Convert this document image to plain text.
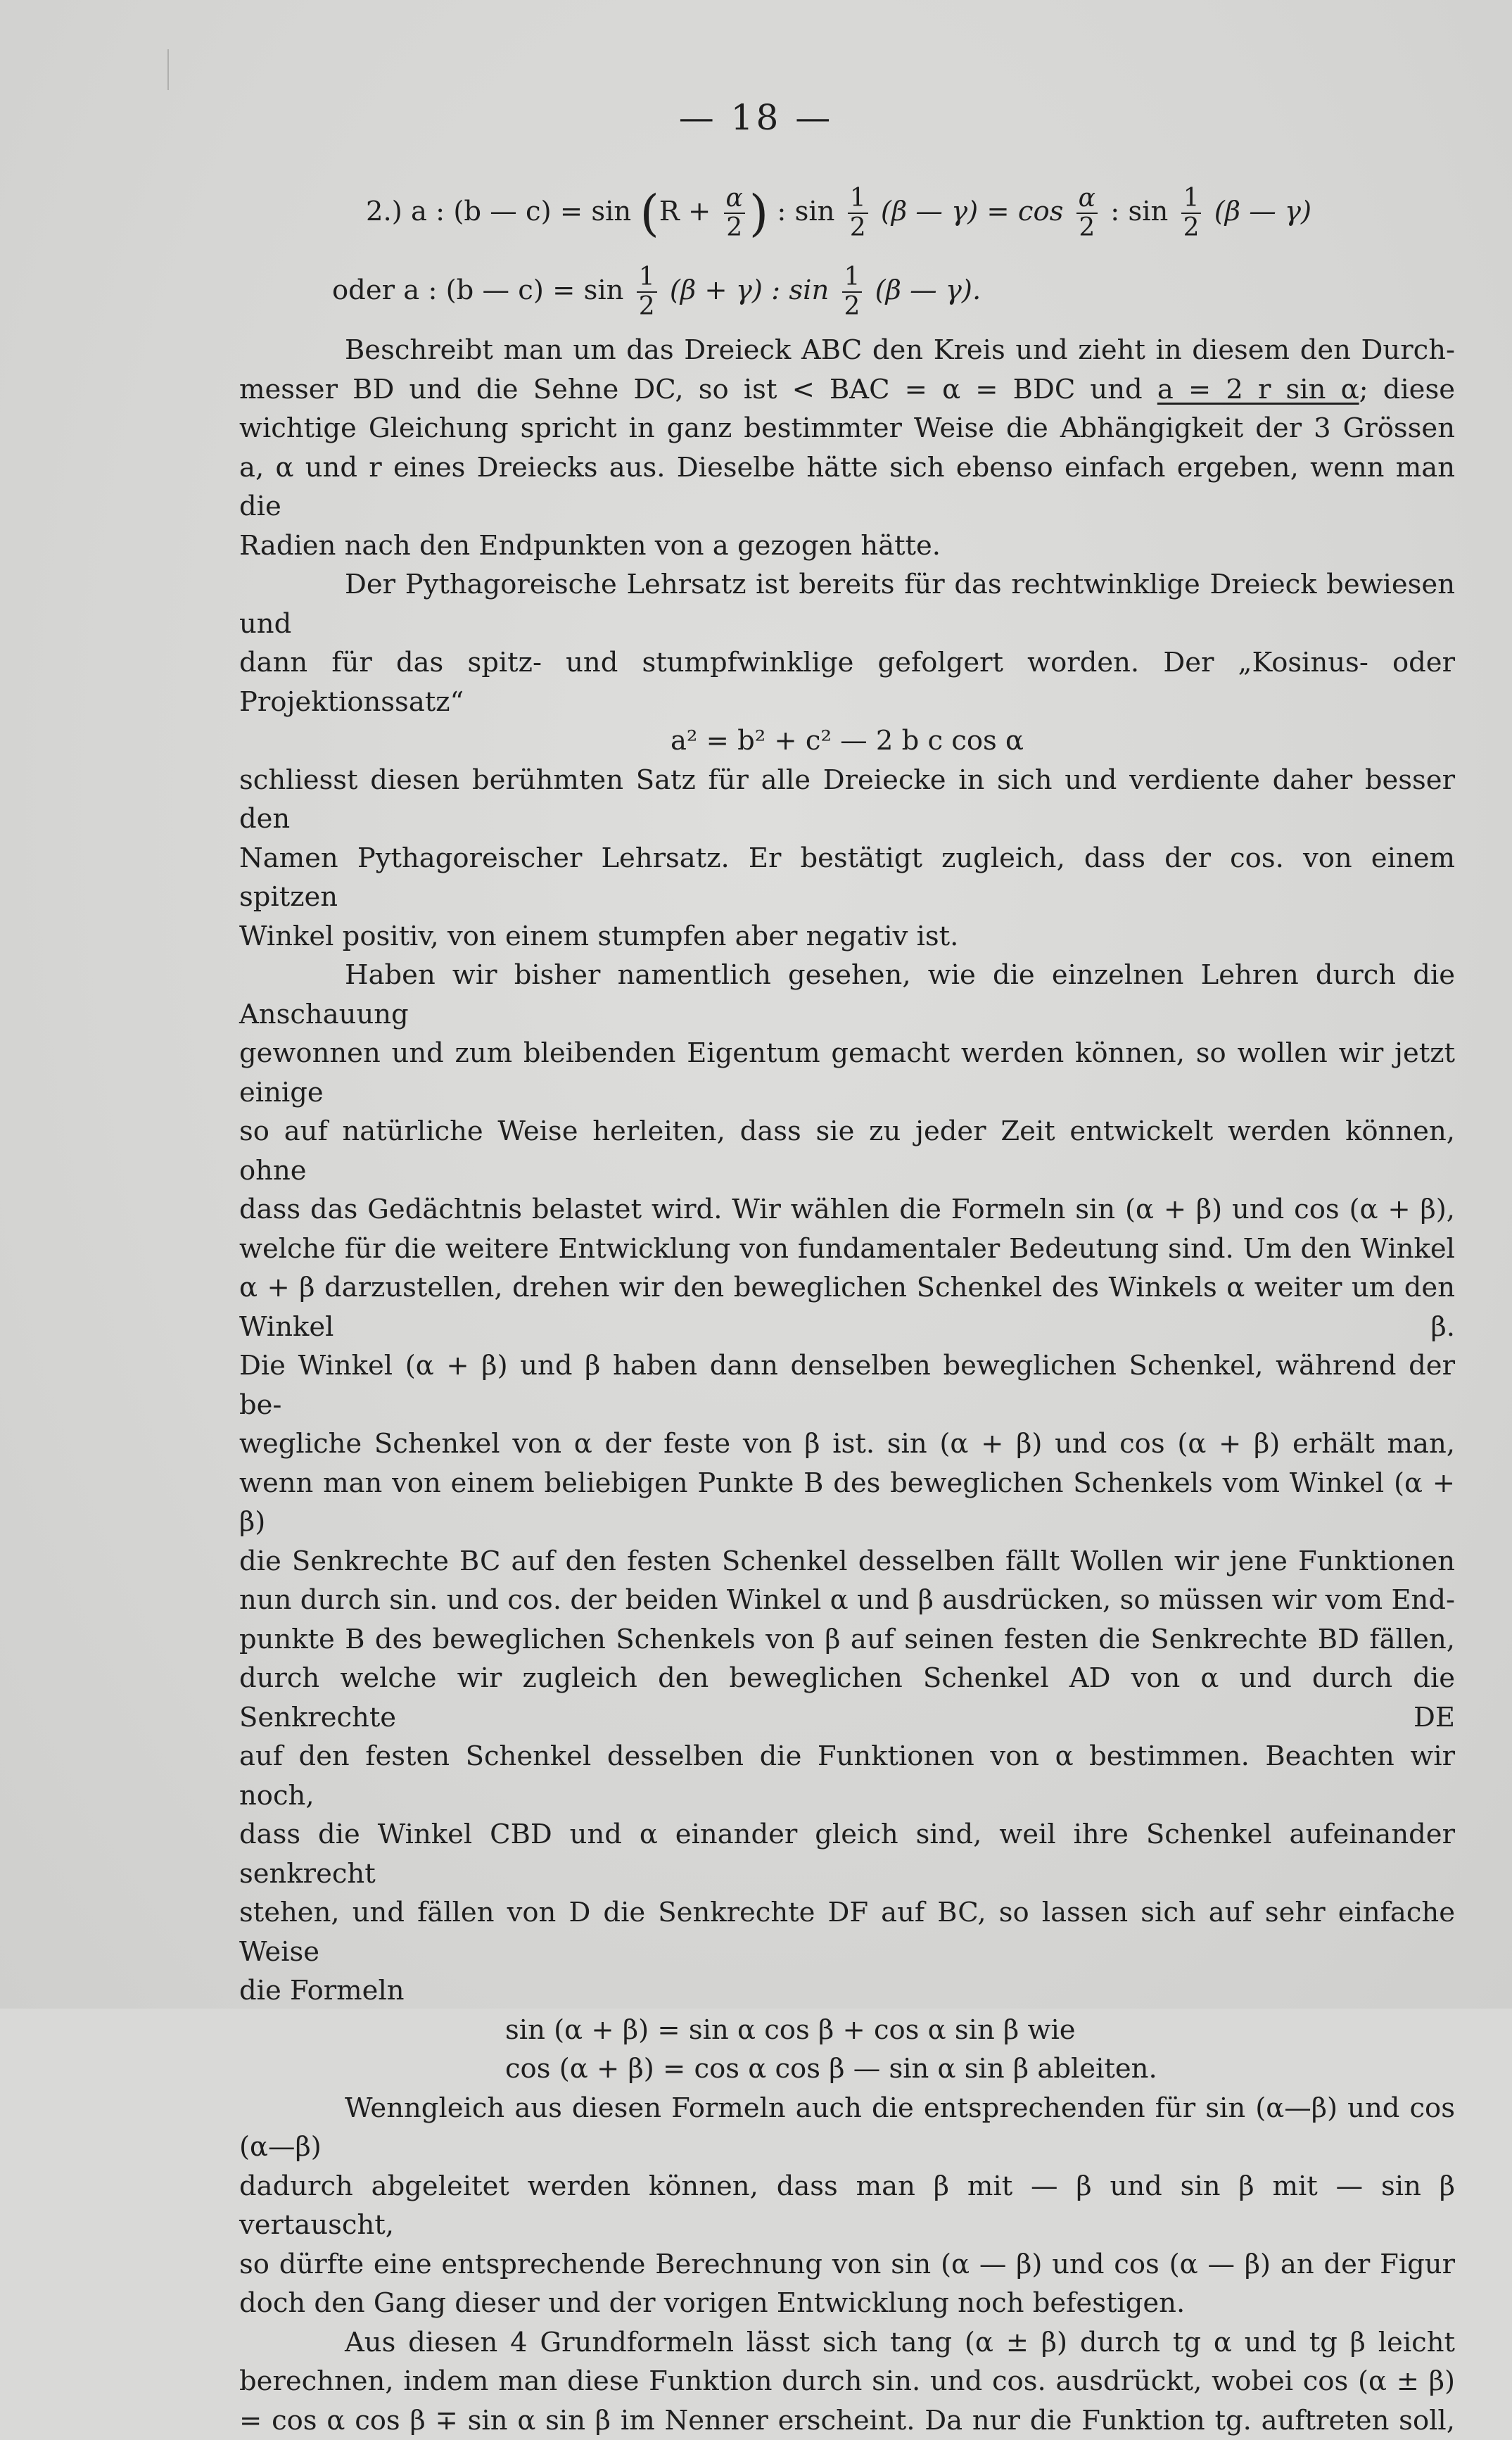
— 18 —
2.) a : (b — $c) = \sin (R + \frac{\alpha}{2}$ ) : $\sin \frac{1}{2} (\beta$ — $\gamma) = \cos \frac{\alpha}{2}$ : $\sin \frac{1}{2} (\beta$ — γ)
oder a : (b — $c) = \sin \frac{1}{2} (\beta + \gamma)$ : $\sin \frac{1}{2} (\beta$ — γ).

Beschreibt man um das Dreieck ABC den Kreis und zieht in diesem den Durch-

messer BD und die Sehne DC, so ist < BAC = α = BDC und a = 2 r sin α; diese

wichtige Gleichung spricht in ganz bestimmter Weise die Abhängigkeit der 3 Grössen

a, α und r eines Dreiecks aus. Dieselbe hätte sich ebenso einfach ergeben, wenn man die

Radien nach den Endpunkten von a gezogen hätte.

Der Pythagoreische Lehrsatz ist bereits für das rechtwinklige Dreieck bewiesen und

dann für das spitz- und stumpfwinklige gefolgert worden. Der „Kosinus- oder Projektionssatz“

a² = b² + c² — 2 b c cos α

schliesst diesen berühmten Satz für alle Dreiecke in sich und verdiente daher besser den

Namen Pythagoreischer Lehrsatz. Er bestätigt zugleich, dass der cos. von einem spitzen

Winkel positiv, von einem stumpfen aber negativ ist.

Haben wir bisher namentlich gesehen, wie die einzelnen Lehren durch die Anschauung

gewonnen und zum bleibenden Eigentum gemacht werden können, so wollen wir jetzt einige

so auf natürliche Weise herleiten, dass sie zu jeder Zeit entwickelt werden können, ohne

dass das Gedächtnis belastet wird. Wir wählen die Formeln sin (α + β) und cos (α + β),

welche für die weitere Entwicklung von fundamentaler Bedeutung sind. Um den Winkel

α + β darzustellen, drehen wir den beweglichen Schenkel des Winkels α weiter um den Winkel β.

Die Winkel (α + β) und β haben dann denselben beweglichen Schenkel, während der be-

wegliche Schenkel von α der feste von β ist. sin (α + β) und cos (α + β) erhält man,

wenn man von einem beliebigen Punkte B des beweglichen Schenkels vom Winkel (α + β)

die Senkrechte BC auf den festen Schenkel desselben fällt Wollen wir jene Funktionen

nun durch sin. und cos. der beiden Winkel α und β ausdrücken, so müssen wir vom End-

punkte B des beweglichen Schenkels von β auf seinen festen die Senkrechte BD fällen,

durch welche wir zugleich den beweglichen Schenkel AD von α und durch die Senkrechte DE

auf den festen Schenkel desselben die Funktionen von α bestimmen. Beachten wir noch,

dass die Winkel CBD und α einander gleich sind, weil ihre Schenkel aufeinander senkrecht

stehen, und fällen von D die Senkrechte DF auf BC, so lassen sich auf sehr einfache Weise

die Formeln

sin (α + β) = sin α cos β + cos α sin β wie

cos (α + β) = cos α cos β — sin α sin β ableiten.

Wenngleich aus diesen Formeln auch die entsprechenden für sin (α—β) und cos (α—β)

dadurch abgeleitet werden können, dass man β mit — β und sin β mit — sin β vertauscht,

so dürfte eine entsprechende Berechnung von sin (α — β) und cos (α — β) an der Figur

doch den Gang dieser und der vorigen Entwicklung noch befestigen.

Aus diesen 4 Grundformeln lässt sich tang (α ± β) durch tg α und tg β leicht

berechnen, indem man diese Funktion durch sin. und cos. ausdrückt, wobei cos (α ± β)

= cos α cos β ∓ sin α sin β im Nenner erscheint. Da nur die Funktion tg. auftreten soll,
